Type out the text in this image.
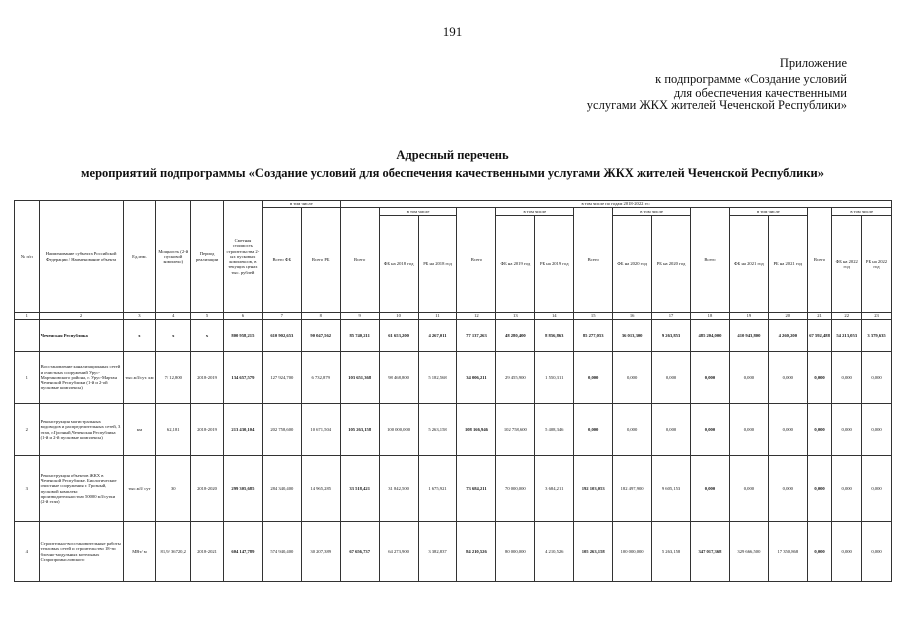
191
Приложение
к подпрограмме «Создание условий
для обеспечения качественными
услугами ЖКХ жителей Чеченской Республики»
Адресный перечень
мероприятий подпрограммы «Создание условий для обеспечения качественными услугами ЖКХ жителей Чеченской Республики»
№ п/п	Наименование субъекта Российской Федерации / Наименование объекта	Ед.изм.	Мощность (2-й пусковой комплекс)	Период реализации	Сметная стоимость строительства 2-ых пусковых комплексов, в текущих ценах тыс. рублей	в том числе		в том числе по годам 2018-2022 гг.:														
						Всего ФБ	Всего РБ	Всего	в том числе		Всего	в том числе		Всего	в том числе		Всего	в том числе		Всего	в том числе	
									ФБ на 2018 год	РБ на 2018 год		ФБ на 2019 год	РБ на 2019 год		ФБ на 2020 год	РБ на 2020 год		ФБ на 2021 год	РБ на 2021 год		ФБ на 2022 год	РБ на 2022 год
1	2	3	4	5	6	7	8	9	10	11	12	13	14	15	16	17	18	19	20	21	22	23
	Чеченская Республика	х	х	х	800 958,215	610 902,653	90 047,562	85 740,211	61 653,200	4 267,011	77 137,263	48 280,400	8 856,863	85 277,053	36 013,300	9 263,853	485 204,000	410 943,800	4 260,200	67 592,488	54 213,053	3 379,635
1	Восстановление канализационных сетей и очистных сооружений Урус-Мартановского района, г. Урус-Мартан Чеченской Республики (1-й и 2-ой пусковые комплексы)	тыс.м3/сут. км	7/ 12,800	2018-2019	134 657,579	127 924,700	6 732,879	103 651,368	98 468,800	5 182,568	34 006,211	29 455,900	1 550,311	0,000	0,000	0,000	0,000	0,000	0,000	0,000	0,000	0,000
2	Реконструкция магистральных водоводов и распределительных сетей, 3 этап, г.Грозный,Чеченская Республика (1-й и 2-й пусковые комплексы)	км	62,181	2018-2019	213 430,104	202 758,600	10 671,504	105 263,158	100 000,000	5 263,158	108 166,946	102 758,600	5 408,346	0,000	0,000	0,000	0,000	0,000	0,000	0,000	0,000	0,000
3	Реконструкция объектов ЖКХ в Чеченской Республике. Биологические очистные сооружения г. Грозный, пусковой комплекс производительностью 50000 м3/сутки (2-й этап)	тыс.м3/ сут	30	2018-2020	299 305,685	284 340,400	14 965,285	33 518,421	31 842,500	1 675,921	73 684,211	70 000,000	3 684,211	192 103,053	182 497,900	9 605,153	0,000	0,000	0,000	0,000	0,000	0,000
4	Строительно-восстановительные работы тепловых сетей и строительство 18-ти блочно-модульных котельных Старопромысловского	МВт/ м	81,9/ 36720,2	2018-2021	604 147,789	574 940,400	30 207,389	67 656,737	64 273,900	3 382,837	84 210,526	80 000,000	4 210,526	105 263,158	100 000,000	5 263,158	347 017,368	329 666,500	17 350,868	0,000	0,000	0,000
